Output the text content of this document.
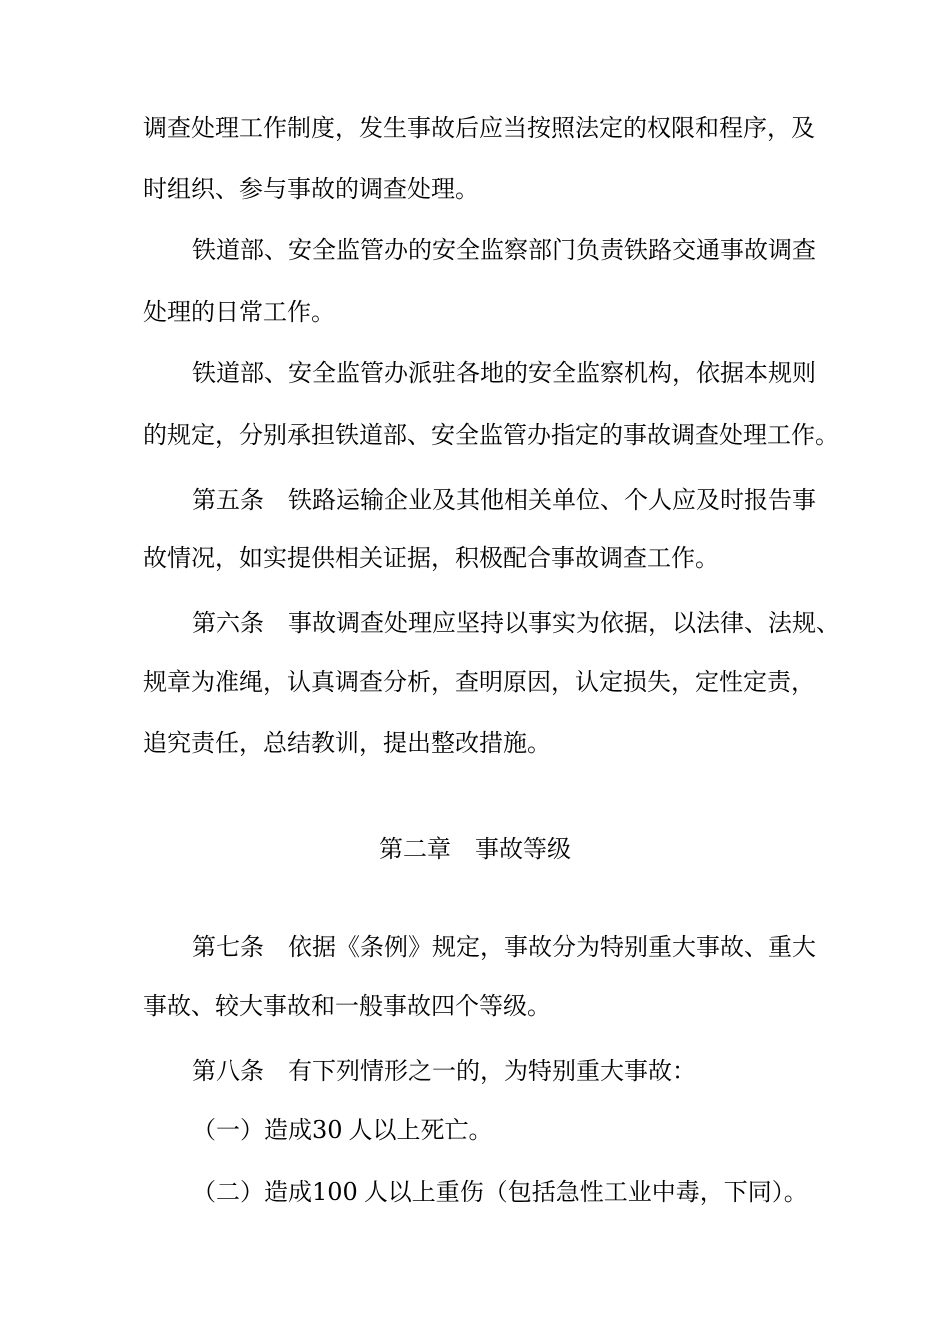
调查处理工作制度，发生事故后应当按照法定的权限和程序，及
时组织、参与事故的调查处理。
铁道部、安全监管办的安全监察部门负责铁路交通事故调查
处理的日常工作。
铁道部、安全监管办派驻各地的安全监察机构，依据本规则
的规定，分别承担铁道部、安全监管办指定的事故调查处理工作。
第五条 铁路运输企业及其他相关单位、个人应及时报告事
故情况，如实提供相关证据，积极配合事故调查工作。
第六条 事故调查处理应坚持以事实为依据，以法律、法规、
规章为准绳，认真调查分析，查明原因，认定损失，定性定责，
追究责任，总结教训，提出整改措施。
第二章 事故等级
第七条 依据《条例》规定，事故分为特别重大事故、重大
事故、较大事故和一般事故四个等级。
第八条 有下列情形之一的，为特别重大事故：
（一）造成30  人以上死亡。
（二）造成100  人以上重伤（包括急性工业中毒，下同）。
